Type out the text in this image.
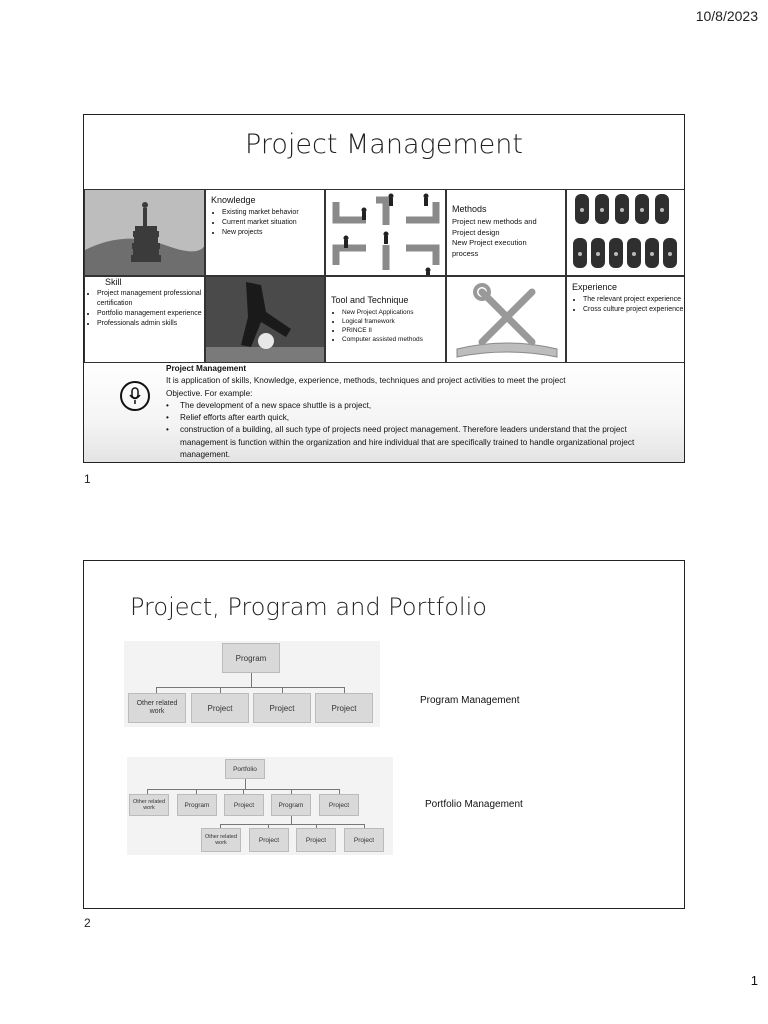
10/8/2023
Project Management
Knowledge
• Existing market behavior
• Current market situation
• New projects
Methods
Project new methods and
Project design
New Project execution
process
Skill
• Project management professional certification
• Portfolio management experience
• Professionals admin skills
Tool and Technique
• New Project Applications
• Logical framework
• PRINCE II
• Computer assisted methods
Experience
• The relevant project experience
• Cross culture project experience
Project Management
It is application of skills, Knowledge, experience, methods, techniques and project activities to meet the project
Objective. For example:
• The development of a new space shuttle is a project,
• Relief efforts after earth quick,
• construction of a building, all such type of projects need project management. Therefore leaders understand that the project management is function within the organization and hire individual that are specifically trained to handle organizational project management.
1
Project, Program and Portfolio
Program
Other related work	Project	Project	Project
Program Management
Portfolio
Other related work	Program	Project	Program	Project
Other related work	Project	Project	Project
Portfolio Management
2
1
